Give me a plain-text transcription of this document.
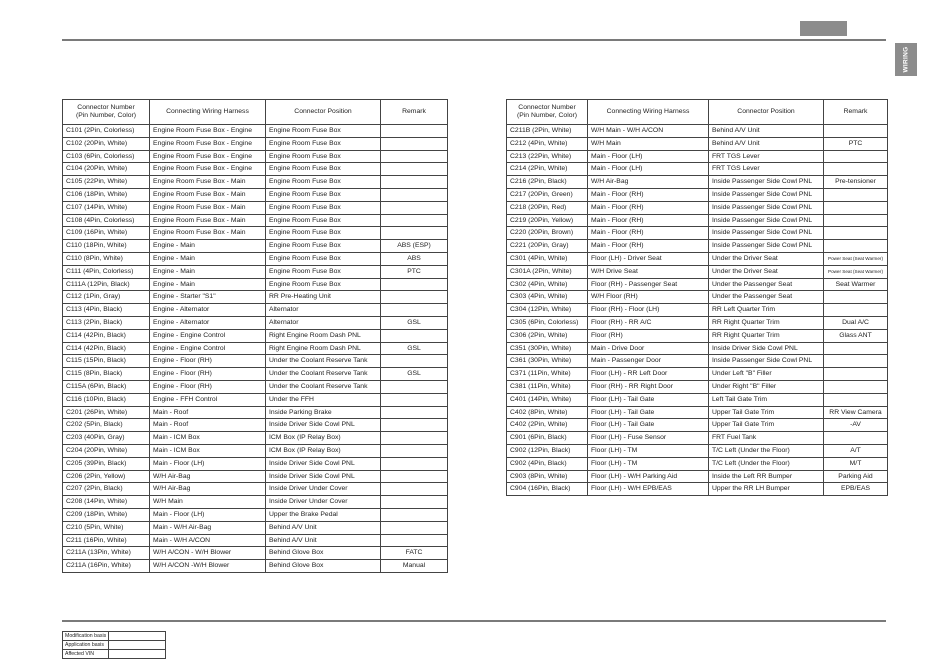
WIRING
Connector Number
(Pin Number, Color)	Connecting Wiring Harness	Connector Position	Remark
C101 (2Pin, Colorless)	Engine Room Fuse Box - Engine	Engine Room Fuse Box	
C102 (20Pin, White)	Engine Room Fuse Box - Engine	Engine Room Fuse Box	
C103 (6Pin, Colorless)	Engine Room Fuse Box - Engine	Engine Room Fuse Box	
C104 (20Pin, White)	Engine Room Fuse Box - Engine	Engine Room Fuse Box	
C105 (22Pin, White)	Engine Room Fuse Box - Main	Engine Room Fuse Box	
C106 (18Pin, White)	Engine Room Fuse Box - Main	Engine Room Fuse Box	
C107 (14Pin, White)	Engine Room Fuse Box - Main	Engine Room Fuse Box	
C108 (4Pin, Colorless)	Engine Room Fuse Box - Main	Engine Room Fuse Box	
C109 (16Pin, White)	Engine Room Fuse Box - Main	Engine Room Fuse Box	
C110 (18Pin, White)	Engine - Main	Engine Room Fuse Box	ABS (ESP)
C110 (8Pin, White)	Engine - Main	Engine Room Fuse Box	ABS
C111 (4Pin, Colorless)	Engine - Main	Engine Room Fuse Box	PTC
C111A (12Pin, Black)	Engine - Main	Engine Room Fuse Box	
C112 (1Pin, Gray)	Engine - Starter "S1"	RR Pre-Heating Unit	
C113 (4Pin, Black)	Engine - Alternator	Alternator	
C113 (2Pin, Black)	Engine - Alternator	Alternator	GSL
C114 (42Pin, Black)	Engine - Engine Control	Right Engine Room Dash PNL	
C114 (42Pin, Black)	Engine - Engine Control	Right Engine Room Dash PNL	GSL
C115 (15Pin, Black)	Engine - Floor (RH)	Under the Coolant Reserve Tank	
C115 (8Pin, Black)	Engine - Floor (RH)	Under the Coolant Reserve Tank	GSL
C115A (6Pin, Black)	Engine - Floor (RH)	Under the Coolant Reserve Tank	
C116 (10Pin, Black)	Engine - FFH Control	Under the FFH	
C201 (26Pin, White)	Main - Roof	Inside Parking Brake	
C202 (5Pin, Black)	Main - Roof	Inside Driver Side Cowl PNL	
C203 (40Pin, Gray)	Main - ICM Box	ICM Box (IP Relay Box)	
C204 (20Pin, White)	Main - ICM Box	ICM Box (IP Relay Box)	
C205 (39Pin, Black)	Main - Floor (LH)	Inside Driver Side Cowl PNL	
C206 (2Pin, Yellow)	W/H Air-Bag	Inside Driver Side Cowl PNL	
C207 (2Pin, Black)	W/H Air-Bag	Inside Driver Under Cover	
C208 (14Pin, White)	W/H Main	Inside Driver Under Cover	
C209 (18Pin, White)	Main - Floor (LH)	Upper the Brake Pedal	
C210 (5Pin, White)	Main - W/H Air-Bag	Behind A/V Unit	
C211 (16Pin, White)	Main - W/H A/CON	Behind A/V Unit	
C211A (13Pin, White)	W/H A/CON - W/H Blower	Behind Glove Box	FATC
C211A (16Pin, White)	W/H A/CON -W/H Blower	Behind Glove Box	Manual
Connector Number
(Pin Number, Color)	Connecting Wiring Harness	Connector Position	Remark
C211B (2Pin, White)	W/H Main - W/H A/CON	Behind A/V Unit	
C212 (4Pin, White)	W/H Main	Behind A/V Unit	PTC
C213 (22Pin, White)	Main - Floor (LH)	FRT TGS Lever	
C214 (2Pin, White)	Main - Floor (LH)	FRT TGS Lever	
C216 (2Pin, Black)	W/H Air-Bag	Inside Passenger Side Cowl PNL	Pre-tensioner
C217 (20Pin, Green)	Main - Floor (RH)	Inside Passenger Side Cowl PNL	
C218 (20Pin, Red)	Main - Floor (RH)	Inside Passenger Side Cowl PNL	
C219 (20Pin, Yellow)	Main - Floor (RH)	Inside Passenger Side Cowl PNL	
C220 (20Pin, Brown)	Main - Floor (RH)	Inside Passenger Side Cowl PNL	
C221 (20Pin, Gray)	Main - Floor (RH)	Inside Passenger Side Cowl PNL	
C301 (4Pin, White)	Floor (LH) - Driver Seat	Under the Driver Seat	Power Seat (Seat Warmer)
C301A (2Pin, White)	W/H Drive Seat	Under the Driver Seat	Power Seat (Seat Warmer)
C302 (4Pin, White)	Floor (RH) - Passenger Seat	Under the Passenger Seat	Seat Warmer
C303 (4Pin, White)	W/H Floor (RH)	Under the Passenger Seat	
C304 (12Pin, White)	Floor (RH) - Floor (LH)	RR Left Quarter Trim	
C305 (6Pin, Colorless)	Floor (RH) - RR A/C	RR Right Quarter Trim	Dual A/C
C306 (2Pin, White)	Floor (RH)	RR Right Quarter Trim	Glass ANT
C351 (30Pin, White)	Main - Drive Door	Inside Driver Side Cowl PNL	
C361 (30Pin, White)	Main - Passenger Door	Inside Passenger Side Cowl PNL	
C371 (11Pin, White)	Floor (LH) - RR Left Door	Under Left "B" Filler	
C381 (11Pin, White)	Floor (RH) - RR Right Door	Under Right "B" Filler	
C401 (14Pin, White)	Floor (LH) - Tail Gate	Left Tail Gate Trim	
C402 (8Pin, White)	Floor (LH) - Tail Gate	Upper Tail Gate Trim	RR View Camera
C402 (2Pin, White)	Floor (LH) - Tail Gate	Upper Tail Gate Trim	-AV
C901 (6Pin, Black)	Floor (LH) - Fuse Sensor	FRT Fuel Tank	
C902 (12Pin, Black)	Floor (LH) - TM	T/C Left (Under the Floor)	A/T
C902 (4Pin, Black)	Floor (LH) - TM	T/C Left (Under the Floor)	M/T
C903 (8Pin, White)	Floor (LH) - W/H Parking Aid	Inside the Left RR Bumper	Parking Aid
C904 (16Pin, Black)	Floor (LH) - W/H EPB/EAS	Upper the RR LH Bumper	EPB/EAS
Modification basis	
Application basis	
Affected VIN	
